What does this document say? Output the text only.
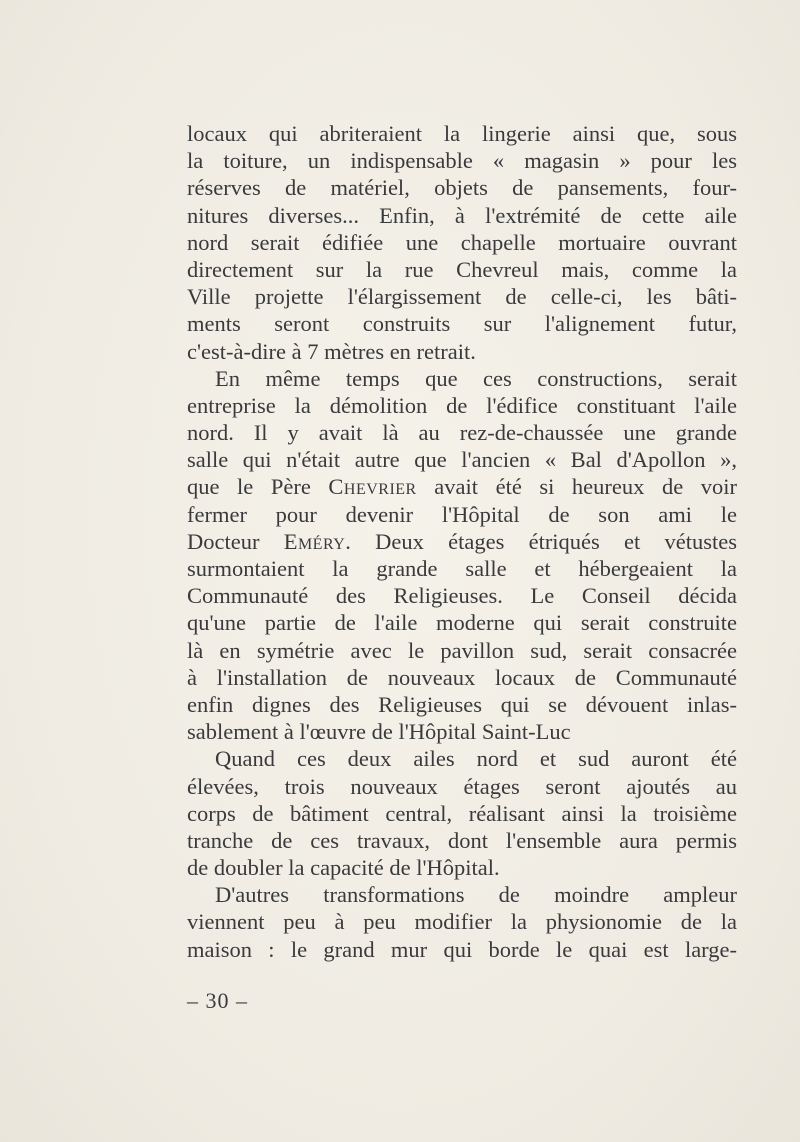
locaux qui abriteraient la lingerie ainsi que, sous
la toiture, un indispensable « magasin » pour les
réserves de matériel, objets de pansements, four-
nitures diverses... Enfin, à l'extrémité de cette aile
nord serait édifiée une chapelle mortuaire ouvrant
directement sur la rue Chevreul mais, comme la
Ville projette l'élargissement de celle-ci, les bâti-
ments seront construits sur l'alignement futur,
c'est-à-dire à 7 mètres en retrait.
En même temps que ces constructions, serait
entreprise la démolition de l'édifice constituant l'aile
nord. Il y avait là au rez-de-chaussée une grande
salle qui n'était autre que l'ancien « Bal d'Apollon »,
que le Père Chevrier avait été si heureux de voir
fermer pour devenir l'Hôpital de son ami le
Docteur Eméry. Deux étages étriqués et vétustes
surmontaient la grande salle et hébergeaient la
Communauté des Religieuses. Le Conseil décida
qu'une partie de l'aile moderne qui serait construite
là en symétrie avec le pavillon sud, serait consacrée
à l'installation de nouveaux locaux de Communauté
enfin dignes des Religieuses qui se dévouent inlas-
sablement à l'œuvre de l'Hôpital Saint-Luc
Quand ces deux ailes nord et sud auront été
élevées, trois nouveaux étages seront ajoutés au
corps de bâtiment central, réalisant ainsi la troisième
tranche de ces travaux, dont l'ensemble aura permis
de doubler la capacité de l'Hôpital.
D'autres transformations de moindre ampleur
viennent peu à peu modifier la physionomie de la
maison : le grand mur qui borde le quai est large-
– 30 –
